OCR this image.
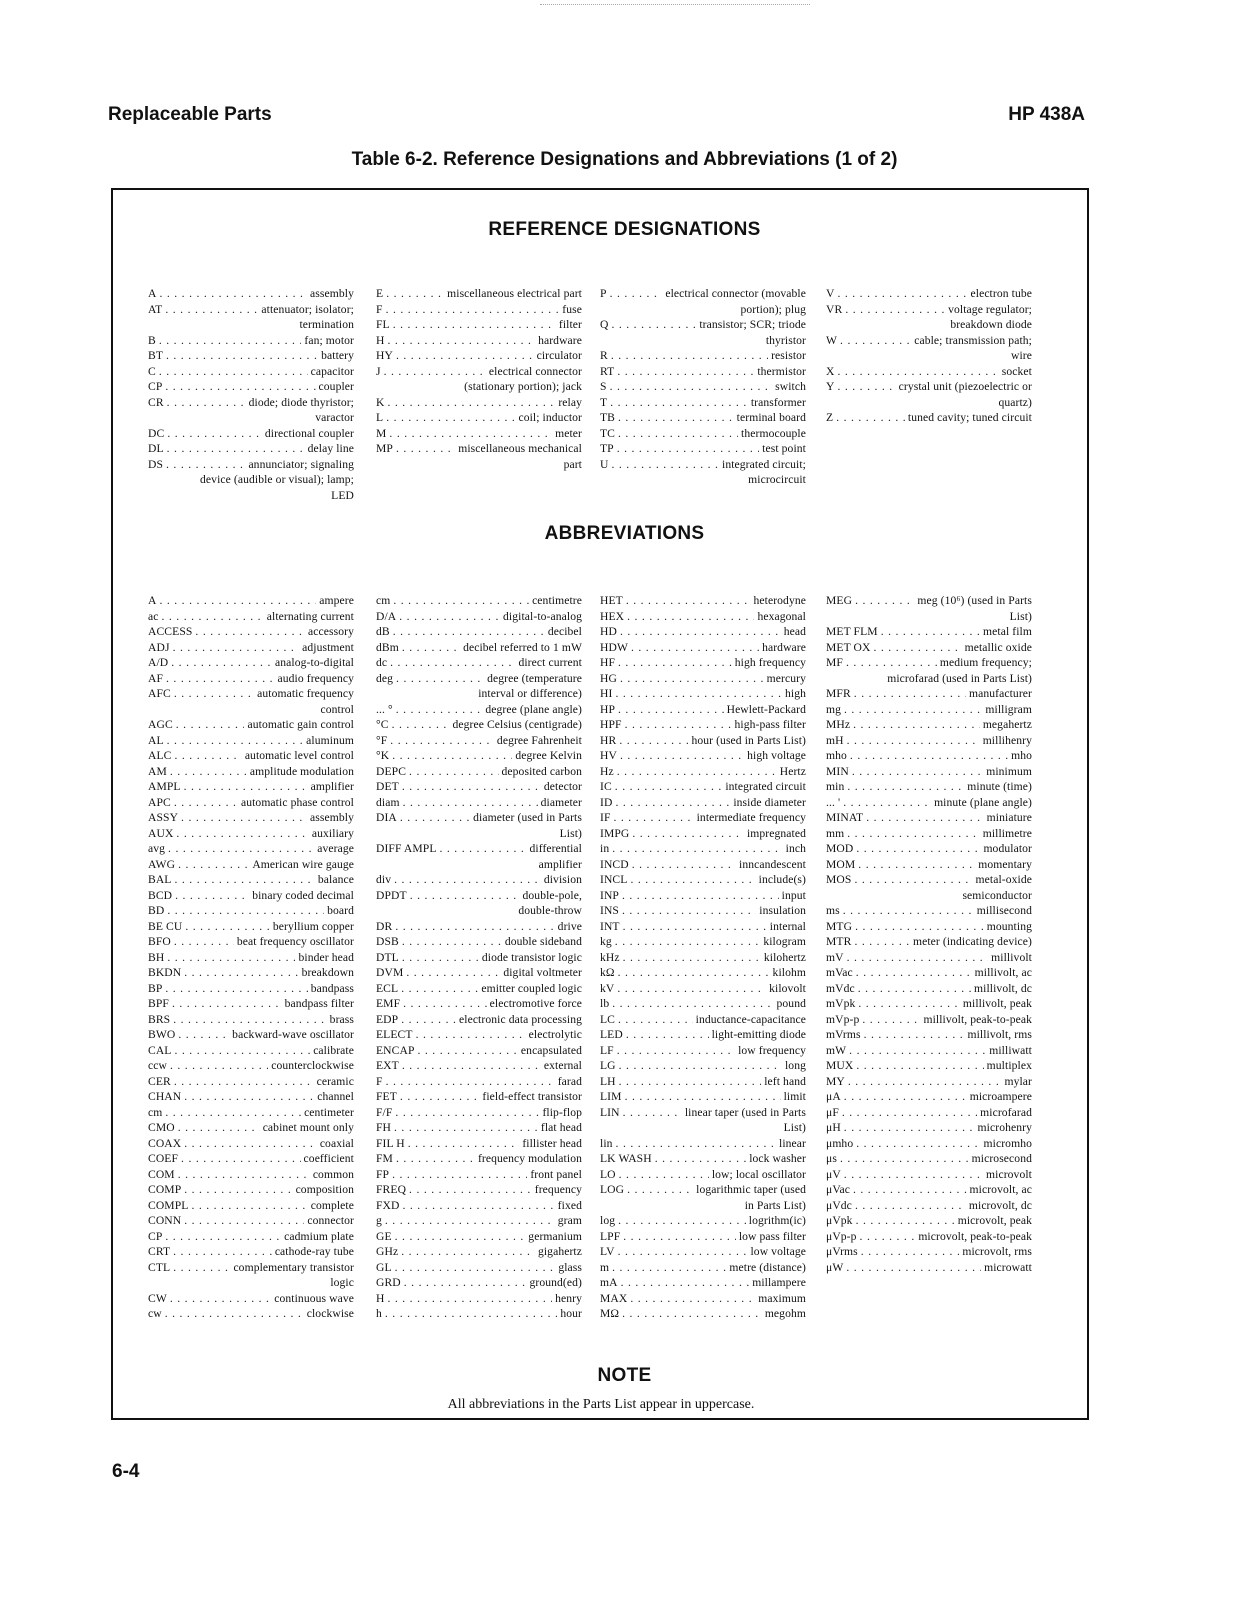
Replaceable Parts	HP 438A
Table 6-2. Reference Designations and Abbreviations (1 of 2)
REFERENCE DESIGNATIONS
A . . .	assembly
AT . . .	attenuator; isolator;
termination
B . . .	fan; motor
BT . . .	battery
C . . .	capacitor
CP . . .	coupler
CR . . .	diode; diode thyristor;
varactor
DC . . .	directional coupler
DL . . .	delay line
DS . . .	annunciator; signaling
device (audible or visual); lamp;
LED
E . . .	miscellaneous electrical part
F . . .	fuse
FL . . .	filter
H . . .	hardware
HY . . .	circulator
J . . .	electrical connector
(stationary portion); jack
K . . .	relay
L . . .	coil; inductor
M . . .	meter
MP . . .	miscellaneous mechanical
part
P . . .	electrical connector (movable
portion); plug
Q . . .	transistor; SCR; triode
thyristor
R . . .	resistor
RT . . .	thermistor
S . . .	switch
T . . .	transformer
TB . . .	terminal board
TC . . .	thermocouple
TP . . .	test point
U . . .	integrated circuit;
microcircuit
V . . .	electron tube
VR . . .	voltage regulator;
breakdown diode
W . . .	cable; transmission path;
wire
X . . .	socket
Y . . .	crystal unit (piezoelectric or
quartz)
Z . . .	tuned cavity; tuned circuit
ABBREVIATIONS
A . . .	ampere
ac . . .	alternating current
ACCESS . . .	accessory
ADJ . . .	adjustment
A/D . . .	analog-to-digital
AF . . .	audio frequency
AFC . . .	automatic frequency
control
AGC . . .	automatic gain control
AL . . .	aluminum
ALC . . .	automatic level control
AM . . .	amplitude modulation
AMPL . . .	amplifier
APC . . .	automatic phase control
ASSY . . .	assembly
AUX . . .	auxiliary
avg . . .	average
AWG . . .	American wire gauge
BAL . . .	balance
BCD . . .	binary coded decimal
BD . . .	board
BE CU . . .	beryllium copper
BFO . . .	beat frequency oscillator
BH . . .	binder head
BKDN . . .	breakdown
BP . . .	bandpass
BPF . . .	bandpass filter
BRS . . .	brass
BWO . . .	backward-wave oscillator
CAL . . .	calibrate
ccw . . .	counterclockwise
CER . . .	ceramic
CHAN . . .	channel
cm . . .	centimeter
CMO . . .	cabinet mount only
COAX . . .	coaxial
COEF . . .	coefficient
COM . . .	common
COMP . . .	composition
COMPL . . .	complete
CONN . . .	connector
CP . . .	cadmium plate
CRT . . .	cathode-ray tube
CTL . . .	complementary transistor
logic
CW . . .	continuous wave
cw . . .	clockwise
cm . . .	centimetre
D/A . . .	digital-to-analog
dB . . .	decibel
dBm . . .	decibel referred to 1 mW
dc . . .	direct current
deg . . .	degree (temperature
interval or difference)
... ° . . .	degree (plane angle)
°C . . .	degree Celsius (centigrade)
°F . . .	degree Fahrenheit
°K . . .	degree Kelvin
DEPC . . .	deposited carbon
DET . . .	detector
diam . . .	diameter
DIA . . .	diameter (used in Parts
List)
DIFF AMPL . . .	differential
amplifier
div . . .	division
DPDT . . .	double-pole,
double-throw
DR . . .	drive
DSB . . .	double sideband
DTL . . .	diode transistor logic
DVM . . .	digital voltmeter
ECL . . .	emitter coupled logic
EMF . . .	electromotive force
EDP . . .	electronic data processing
ELECT . . .	electrolytic
ENCAP . . .	encapsulated
EXT . . .	external
F . . .	farad
FET . . .	field-effect transistor
F/F . . .	flip-flop
FH . . .	flat head
FIL H . . .	fillister head
FM . . .	frequency modulation
FP . . .	front panel
FREQ . . .	frequency
FXD . . .	fixed
g . . .	gram
GE . . .	germanium
GHz . . .	gigahertz
GL . . .	glass
GRD . . .	ground(ed)
H . . .	henry
h . . .	hour
HET . . .	heterodyne
HEX . . .	hexagonal
HD . . .	head
HDW . . .	hardware
HF . . .	high frequency
HG . . .	mercury
HI . . .	high
HP . . .	Hewlett-Packard
HPF . . .	high-pass filter
HR . . .	hour (used in Parts List)
HV . . .	high voltage
Hz . . .	Hertz
IC . . .	integrated circuit
ID . . .	inside diameter
IF . . .	intermediate frequency
IMPG . . .	impregnated
in . . .	inch
INCD . . .	inncandescent
INCL . . .	include(s)
INP . . .	input
INS . . .	insulation
INT . . .	internal
kg . . .	kilogram
kHz . . .	kilohertz
kΩ . . .	kilohm
kV . . .	kilovolt
lb . . .	pound
LC . . .	inductance-capacitance
LED . . .	light-emitting diode
LF . . .	low frequency
LG . . .	long
LH . . .	left hand
LIM . . .	limit
LIN . . .	linear taper (used in Parts
List)
lin . . .	linear
LK WASH . . .	lock washer
LO . . .	low; local oscillator
LOG . . .	logarithmic taper (used
in Parts List)
log . . .	logrithm(ic)
LPF . . .	low pass filter
LV . . .	low voltage
m . . .	metre (distance)
mA . . .	millampere
MAX . . .	maximum
MΩ . . .	megohm
MEG . . .	meg (10⁶) (used in Parts
List)
MET FLM . . .	metal film
MET OX . . .	metallic oxide
MF . . .	medium frequency;
microfarad (used in Parts List)
MFR . . .	manufacturer
mg . . .	milligram
MHz . . .	megahertz
mH . . .	millihenry
mho . . .	mho
MIN . . .	minimum
min . . .	minute (time)
... ' . . .	minute (plane angle)
MINAT . . .	miniature
mm . . .	millimetre
MOD . . .	modulator
MOM . . .	momentary
MOS . . .	metal-oxide
semiconductor
ms . . .	millisecond
MTG . . .	mounting
MTR . . .	meter (indicating device)
mV . . .	millivolt
mVac . . .	millivolt, ac
mVdc . . .	millivolt, dc
mVpk . . .	millivolt, peak
mVp-p . . .	millivolt, peak-to-peak
mVrms . . .	millivolt, rms
mW . . .	milliwatt
MUX . . .	multiplex
MY . . .	mylar
μA . . .	microampere
μF . . .	microfarad
μH . . .	microhenry
μmho . . .	micromho
μs . . .	microsecond
μV . . .	microvolt
μVac . . .	microvolt, ac
μVdc . . .	microvolt, dc
μVpk . . .	microvolt, peak
μVp-p . . .	microvolt, peak-to-peak
μVrms . . .	microvolt, rms
μW . . .	microwatt
NOTE
All abbreviations in the Parts List appear in uppercase.
6-4
